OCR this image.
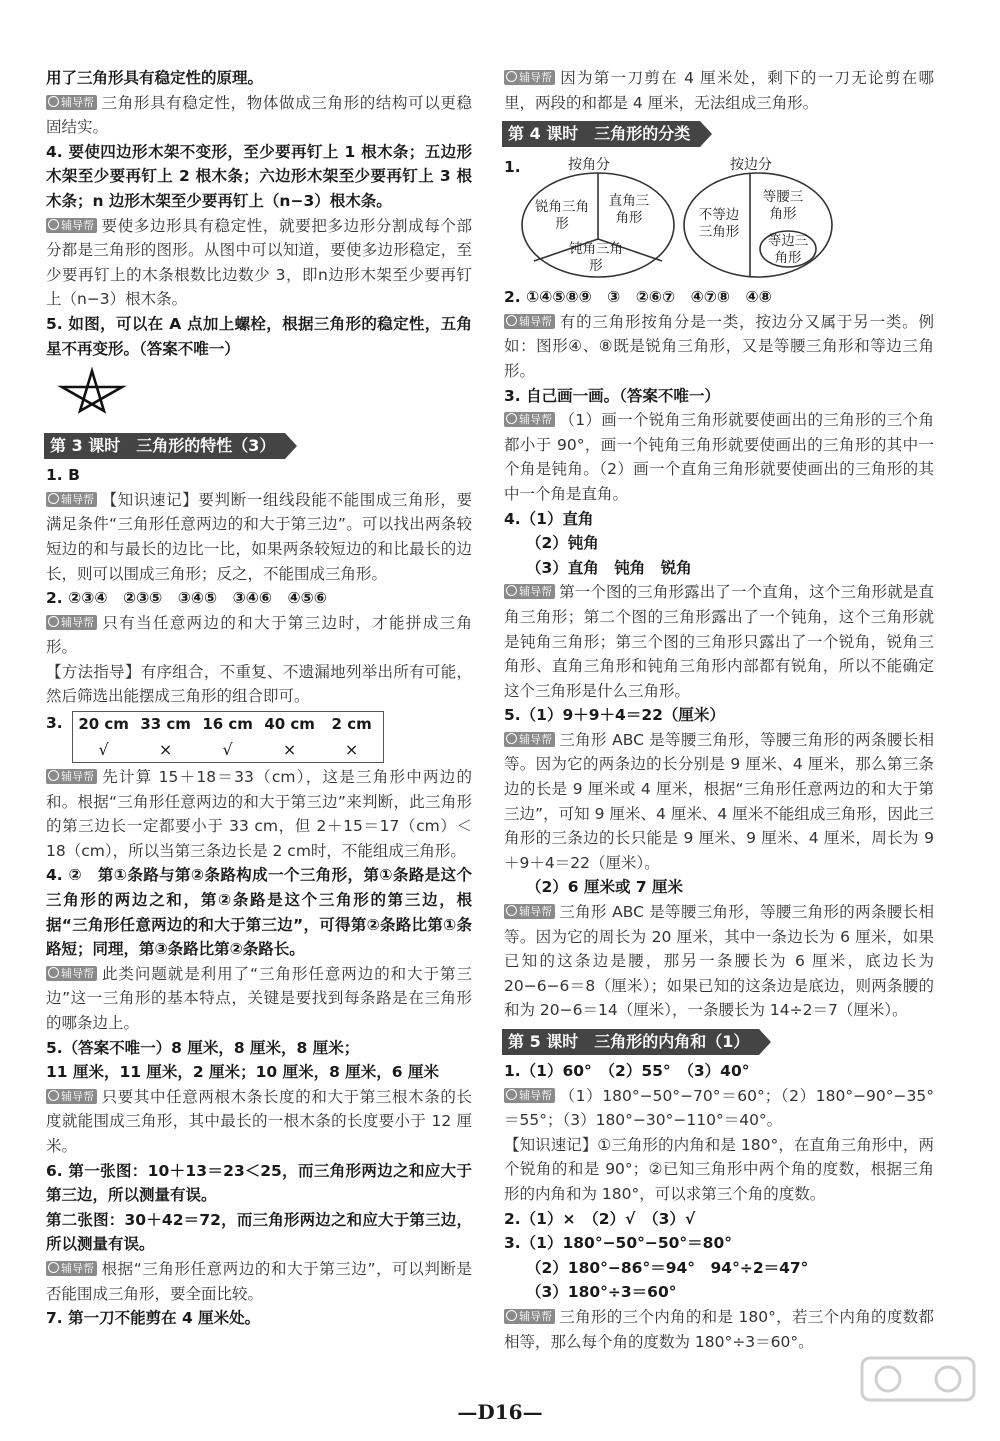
用了三角形具有稳定性的原理。

辅导帮 三角形具有稳定性，物体做成三角形的结构可以更稳固结实。

4. 要使四边形木架不变形，至少要再钉上 1 根木条；五边形木架至少要再钉上 2 根木条；六边形木架至少要再钉上 3 根木条；n 边形木架至少要再钉上（n−3）根木条。

辅导帮 要使多边形具有稳定性，就要把多边形分割成每个部分都是三角形的图形。从图中可以知道，要使多边形稳定，至少要再钉上的木条根数比边数少 3，即n边形木架至少要再钉上（n−3）根木条。

5. 如图，可以在 A 点加上螺栓，根据三角形的稳定性，五角星不再变形。（答案不唯一）

第 3 课时　三角形的特性（3）

1. B

辅导帮 【知识速记】要判断一组线段能不能围成三角形，要满足条件“三角形任意两边的和大于第三边”。可以找出两条较短边的和与最长的边比一比，如果两条较短边的和比最长的边长，则可以围成三角形；反之，不能围成三角形。

2. ②③④　②③⑤　③④⑤　③④⑥　④⑤⑥

辅导帮 只有当任意两边的和大于第三边时，才能拼成三角形。

【方法指导】有序组合，不重复、不遗漏地列举出所有可能，然后筛选出能摆成三角形的组合即可。

3.	20 cm 33 cm 16 cm 40 cm	2 cm
√	×	√	×	×

辅导帮 先计算 15＋18＝33（cm），这是三角形中两边的和。根据“三角形任意两边的和大于第三边”来判断，此三角形的第三边长一定都要小于 33 cm，但 2＋15＝17（cm）＜18（cm），所以当第三条边长是 2 cm时，不能组成三角形。

4. ②　第①条路与第②条路构成一个三角形，第①条路是这个三角形的两边之和，第②条路是这个三角形的第三边，根据“三角形任意两边的和大于第三边”，可得第②条路比第①条路短；同理，第③条路比第②条路长。

辅导帮 此类问题就是利用了“三角形任意两边的和大于第三边”这一三角形的基本特点，关键是要找到每条路是在三角形的哪条边上。

5.（答案不唯一）8 厘米，8 厘米，8 厘米；

11 厘米，11 厘米，2 厘米；10 厘米，8 厘米，6 厘米

辅导帮 只要其中任意两根木条长度的和大于第三根木条的长度就能围成三角形，其中最长的一根木条的长度要小于 12 厘米。

6. 第一张图：10＋13＝23＜25，而三角形两边之和应大于第三边，所以测量有误。

第二张图：30＋42＝72，而三角形两边之和应大于第三边，所以测量有误。

辅导帮 根据“三角形任意两边的和大于第三边”，可以判断是否能围成三角形，要全面比较。

7. 第一刀不能剪在 4 厘米处。

辅导帮 因为第一刀剪在 4 厘米处，剩下的一刀无论剪在哪里，两段的和都是 4 厘米，无法组成三角形。

第 4 课时　三角形的分类
1.	按角分	按边分
锐角三角形
直角三角形
钝角三角形
不等边三角形
等腰三角形
等边三角形

2. ①④⑤⑧⑨　③　②⑥⑦　④⑦⑧　④⑧

辅导帮 有的三角形按角分是一类，按边分又属于另一类。例如：图形④、⑧既是锐角三角形，又是等腰三角形和等边三角形。

3. 自己画一画。（答案不唯一）

辅导帮 （1）画一个锐角三角形就要使画出的三角形的三个角都小于 90°，画一个钝角三角形就要使画出的三角形的其中一个角是钝角。（2）画一个直角三角形就要使画出的三角形的其中一个角是直角。

4.（1）直角

（2）钝角

（3）直角　钝角　锐角

辅导帮 第一个图的三角形露出了一个直角，这个三角形就是直角三角形；第二个图的三角形露出了一个钝角，这个三角形就是钝角三角形；第三个图的三角形只露出了一个锐角，锐角三角形、直角三角形和钝角三角形内部都有锐角，所以不能确定这个三角形是什么三角形。

5.（1）9＋9＋4＝22（厘米）

辅导帮 三角形 ABC 是等腰三角形，等腰三角形的两条腰长相等。因为它的两条边的长分别是 9 厘米、4 厘米，那么第三条边的长是 9 厘米或 4 厘米，根据“三角形任意两边的和大于第三边”，可知 9 厘米、4 厘米、4 厘米不能组成三角形，因此三角形的三条边的长只能是 9 厘米、9 厘米、4 厘米，周长为 9＋9＋4＝22（厘米）。

（2）6 厘米或 7 厘米

辅导帮 三角形 ABC 是等腰三角形，等腰三角形的两条腰长相等。因为它的周长为 20 厘米，其中一条边长为 6 厘米，如果已知的这条边是腰，那另一条腰长为 6 厘米，底边长为 20−6−6＝8（厘米）；如果已知的这条边是底边，则两条腰的和为 20−6＝14（厘米），一条腰长为 14÷2＝7（厘米）。

第 5 课时　三角形的内角和（1）

1.（1）60°　（2）55°　（3）40°

辅导帮 （1）180°−50°−70°＝60°；（2）180°−90°−35°＝55°；（3）180°−30°−110°＝40°。

【知识速记】①三角形的内角和是 180°，在直角三角形中，两个锐角的和是 90°；②已知三角形中两个角的度数，根据三角形的内角和为 180°，可以求第三个角的度数。

2.（1）×　（2）√　（3）√

3.（1）180°−50°−50°＝80°

（2）180°−86°＝94°　94°÷2＝47°

（3）180°÷3＝60°

辅导帮 三角形的三个内角的和是 180°，若三个内角的度数都相等，那么每个角的度数为 180°÷3＝60°。

—D16—
